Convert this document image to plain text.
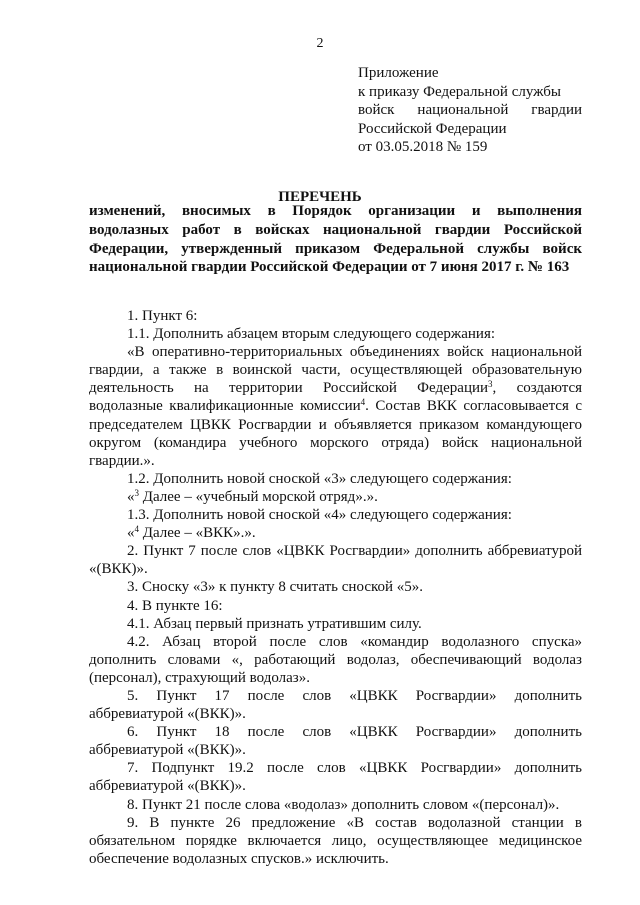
2
Приложение
к приказу Федеральной службы
войск национальной гвардии
Российской Федерации
от 03.05.2018 № 159
ПЕРЕЧЕНЬ
изменений, вносимых в Порядок организации и выполнения
водолазных работ в войсках национальной гвардии Российской
Федерации, утвержденный приказом Федеральной службы войск
национальной гвардии Российской Федерации от 7 июня 2017 г. № 163
1. Пункт 6:
1.1. Дополнить абзацем вторым следующего содержания:
«В оперативно-территориальных объединениях войск национальной
гвардии, а также в воинской части, осуществляющей образовательную
деятельность на территории Российской Федерации$^3$, создаются
водолазные квалификационные комиссии$^4$. Состав ВКК согласовывается с
председателем ЦВКК Росгвардии и объявляется приказом командующего
округом (командира учебного морского отряда) войск национальной
гвардии.».
1.2. Дополнить новой сноской «3» следующего содержания:
«$^3$ Далее – «учебный морской отряд».».
1.3. Дополнить новой сноской «4» следующего содержания:
«$^4$ Далее – «ВКК».».
2. Пункт 7 после слов «ЦВКК Росгвардии» дополнить аббревиатурой
«(ВКК)».
3. Сноску «3» к пункту 8 считать сноской «5».
4. В пункте 16:
4.1. Абзац первый признать утратившим силу.
4.2. Абзац второй после слов «командир водолазного спуска»
дополнить словами «, работающий водолаз, обеспечивающий водолаз
(персонал), страхующий водолаз».
5. Пункт 17 после слов «ЦВКК Росгвардии» дополнить
аббревиатурой «(ВКК)».
6. Пункт 18 после слов «ЦВКК Росгвардии» дополнить
аббревиатурой «(ВКК)».
7. Подпункт 19.2 после слов «ЦВКК Росгвардии» дополнить
аббревиатурой «(ВКК)».
8. Пункт 21 после слова «водолаз» дополнить словом «(персонал)».
9. В пункте 26 предложение «В состав водолазной станции в
обязательном порядке включается лицо, осуществляющее медицинское
обеспечение водолазных спусков.» исключить.
